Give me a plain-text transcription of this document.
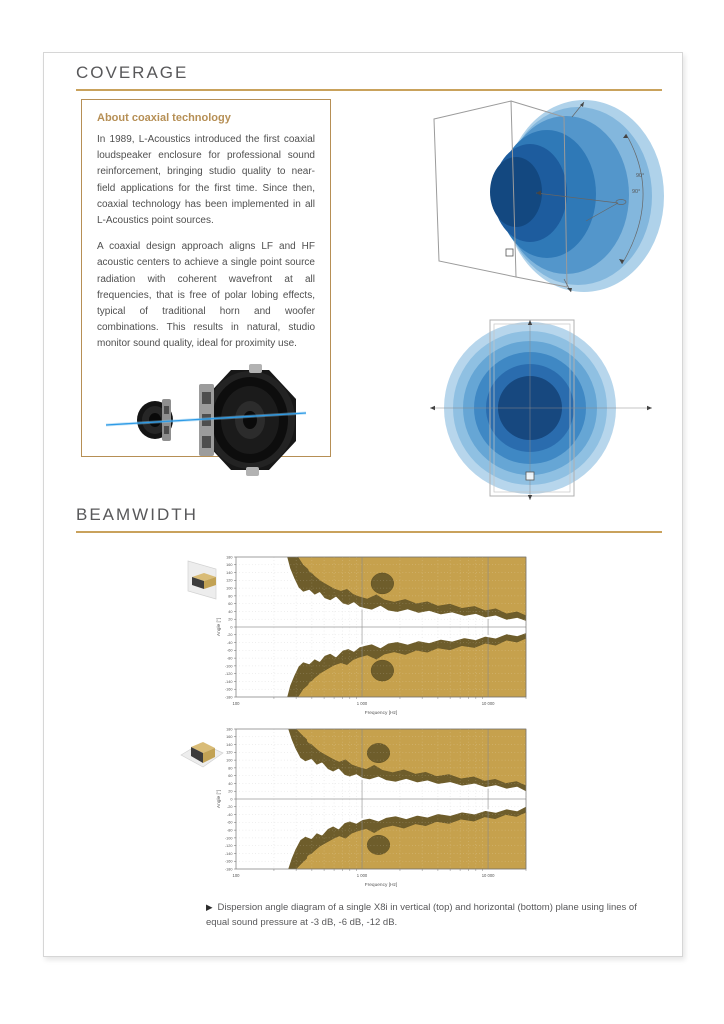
COVERAGE
About coaxial technology

In 1989, L-Acoustics introduced the first coaxial loudspeaker enclosure for professional sound reinforcement, bringing studio quality to near-field applications for the first time. Since then, coaxial technology has been implemented in all L-Acoustics point sources.

A coaxial design approach aligns LF and HF acoustic centers to achieve a single point source radiation with coherent wavefront at all frequencies, that is free of polar lobing effects, typical of traditional horn and woofer combinations. This results in natural, studio monitor sound quality, ideal for proximity use.

90°
90°
BEAMWIDTH
-180
-160
-140
-120
-100
-80
-60
-40
-20
0
20
40
60
80
100
120
140
160
180
100	1 000	10 000
Frequency [Hz]
Angle [°]
-180
-160
-140
-120
-100
-80
-60
-40
-20
0
20
40
60
80
100
120
140
160
180
100	1 000	10 000
Frequency [Hz]
Angle [°]
▶ Dispersion angle diagram of a single X8i in vertical (top) and horizontal (bottom) plane using lines of equal sound pressure at -3 dB, -6 dB, -12 dB.
